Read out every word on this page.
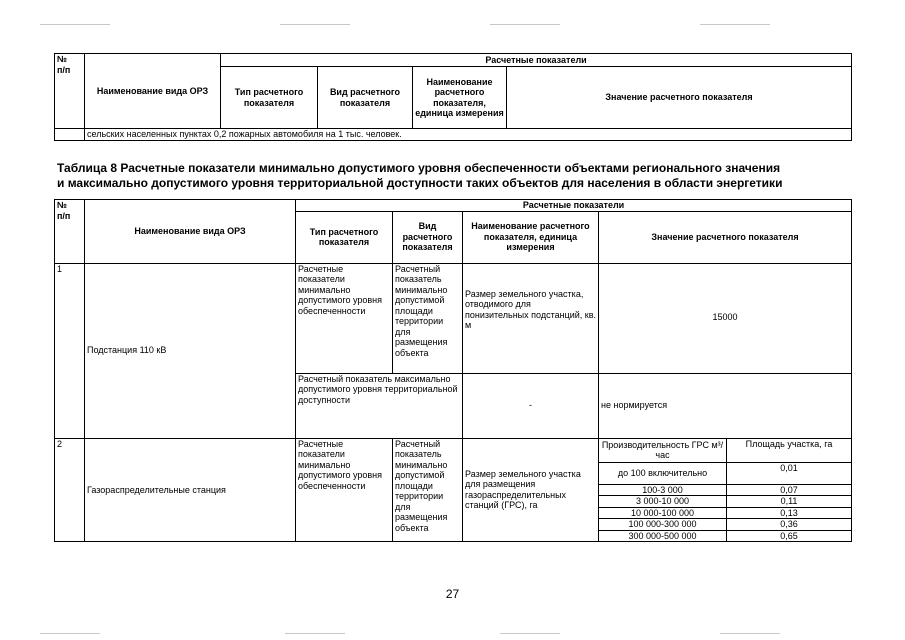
№
п/п	Наименование вида ОРЗ	Расчетные показатели			
		Тип расчетного показателя	Вид расчетного показателя	Наименование расчетного показателя, единица измерения	Значение расчетного показателя
	сельских населенных пунктах 0,2 пожарных автомобиля на 1 тыс. человек.				
Таблица 8 Расчетные показатели минимально допустимого уровня обеспеченности объектами регионального значения
и максимально допустимого уровня территориальной доступности таких объектов для населения в области энергетики
№
п/п	Наименование вида ОРЗ	Расчетные показатели				
		Тип расчетного показателя	Вид расчетного показателя	Наименование расчетного показателя, единица измерения	Значение расчетного показателя	
1	Подстанция 110 кВ	Расчетные показатели минимально допустимого уровня обеспеченности	Расчетный показатель минимально допустимой площади территории для размещения объекта	Размер земельного участка, отводимого для понизительных подстанций, кв. м	15000	
		Расчетный показатель максимально допустимого уровня территориальной доступности		-	не нормируется	
2	Газораспределительные станция	Расчетные показатели минимально допустимого уровня обеспеченности	Расчетный показатель минимально допустимой площади территории для размещения объекта	Размер земельного участка для размещения газораспределительных станций (ГРС), га	Производительность ГРС м³/час	Площадь участка, га
					до 100 включительно	0,01
					100-3 000	0,07
					3 000-10 000	0,11
					10 000-100 000	0,13
					100 000-300 000	0,36
					300 000-500 000	0,65
27
